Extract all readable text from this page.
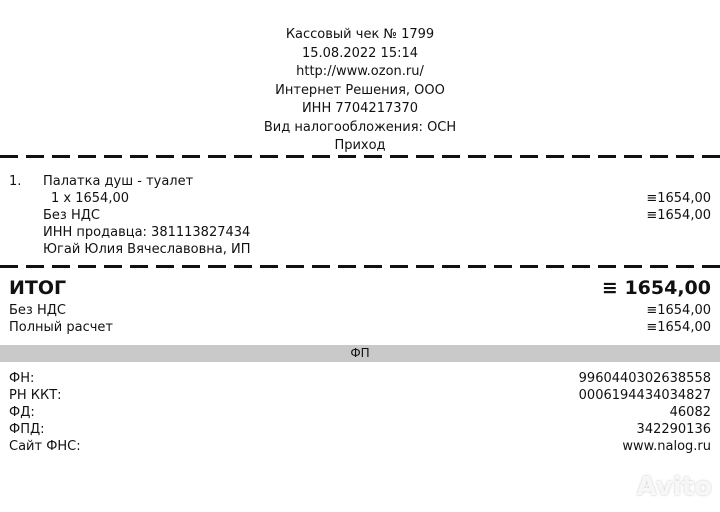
Кассовый чек № 1799
15.08.2022 15:14
http://www.ozon.ru/
Интернет Решения, ООО
ИНН 7704217370
Вид налогообложения: ОСН
Приход
1. Палатка душ - туалет
1 x 1654,00	≡1654,00
Без НДС	≡1654,00
ИНН продавца: 381113827434
Югай Юлия Вячеславовна, ИП
ИТОГ	≡ 1654,00
Без НДС	≡1654,00
Полный расчет	≡1654,00
ФП
ФН:	9960440302638558
РН ККТ:	0006194434034827
ФД:	46082
ФПД:	342290136
Сайт ФНС:	www.nalog.ru
Avito
